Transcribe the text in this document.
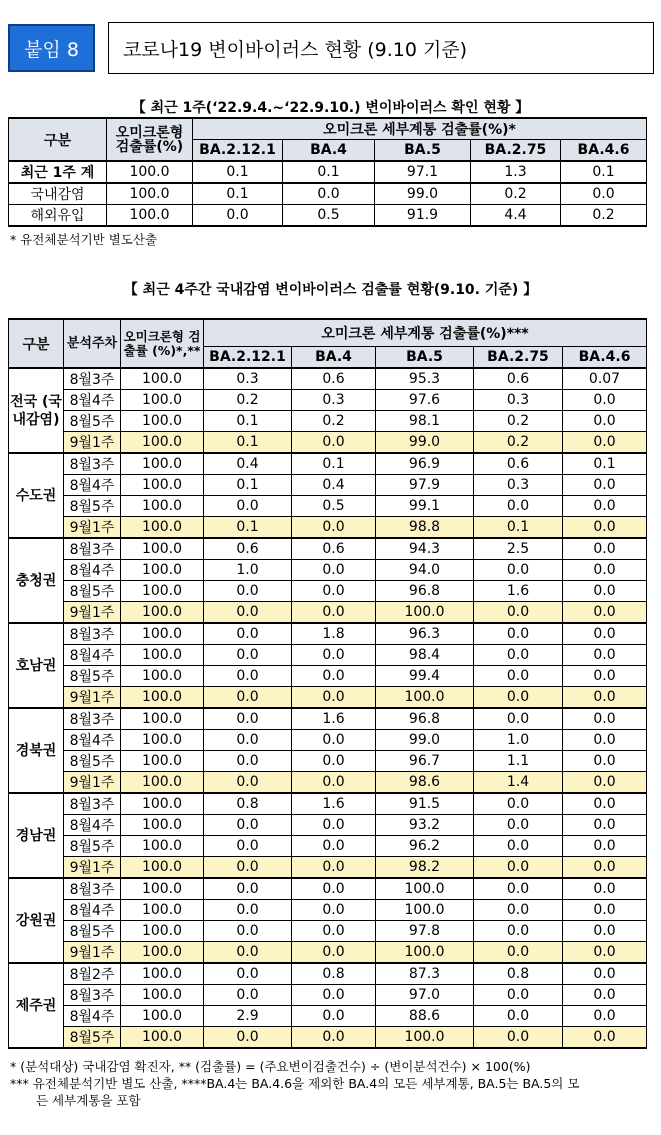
붙임 8	코로나19 변이바이러스 현황 (9.10 기준)
【 최근 1주(‘22.9.4.~‘22.9.10.) 변이바이러스 확인 현황 】
구분	오미크론형 검출률(%)	오미크론 세부계통 검출률(%)*				
		BA.2.12.1	BA.4	BA.5	BA.2.75	BA.4.6
최근 1주 계	100.0	0.1	0.1	97.1	1.3	0.1
국내감염	100.0	0.1	0.0	99.0	0.2	0.0
해외유입	100.0	0.0	0.5	91.9	4.4	0.2
* 유전체분석기반 별도산출
【 최근 4주간 국내감염 변이바이러스 검출률 현황(9.10. 기준) 】
구분	분석주차	오미크론형 검출률 (%)*,**	오미크론 세부계통 검출률(%)***				
			BA.2.12.1	BA.4	BA.5	BA.2.75	BA.4.6
전국 (국내감염)	8월3주	100.0	0.3	0.6	95.3	0.6	0.07
	8월4주	100.0	0.2	0.3	97.6	0.3	0.0
	8월5주	100.0	0.1	0.2	98.1	0.2	0.0
	9월1주	100.0	0.1	0.0	99.0	0.2	0.0
수도권	8월3주	100.0	0.4	0.1	96.9	0.6	0.1
	8월4주	100.0	0.1	0.4	97.9	0.3	0.0
	8월5주	100.0	0.0	0.5	99.1	0.0	0.0
	9월1주	100.0	0.1	0.0	98.8	0.1	0.0
충청권	8월3주	100.0	0.6	0.6	94.3	2.5	0.0
	8월4주	100.0	1.0	0.0	94.0	0.0	0.0
	8월5주	100.0	0.0	0.0	96.8	1.6	0.0
	9월1주	100.0	0.0	0.0	100.0	0.0	0.0
호남권	8월3주	100.0	0.0	1.8	96.3	0.0	0.0
	8월4주	100.0	0.0	0.0	98.4	0.0	0.0
	8월5주	100.0	0.0	0.0	99.4	0.0	0.0
	9월1주	100.0	0.0	0.0	100.0	0.0	0.0
경북권	8월3주	100.0	0.0	1.6	96.8	0.0	0.0
	8월4주	100.0	0.0	0.0	99.0	1.0	0.0
	8월5주	100.0	0.0	0.0	96.7	1.1	0.0
	9월1주	100.0	0.0	0.0	98.6	1.4	0.0
경남권	8월3주	100.0	0.8	1.6	91.5	0.0	0.0
	8월4주	100.0	0.0	0.0	93.2	0.0	0.0
	8월5주	100.0	0.0	0.0	96.2	0.0	0.0
	9월1주	100.0	0.0	0.0	98.2	0.0	0.0
강원권	8월3주	100.0	0.0	0.0	100.0	0.0	0.0
	8월4주	100.0	0.0	0.0	100.0	0.0	0.0
	8월5주	100.0	0.0	0.0	97.8	0.0	0.0
	9월1주	100.0	0.0	0.0	100.0	0.0	0.0
제주권	8월2주	100.0	0.0	0.8	87.3	0.8	0.0
	8월3주	100.0	0.0	0.0	97.0	0.0	0.0
	8월4주	100.0	2.9	0.0	88.6	0.0	0.0
	8월5주	100.0	0.0	0.0	100.0	0.0	0.0
* (분석대상) 국내감염 확진자, ** (검출률) = (주요변이검출건수) ÷ (변이분석건수) × 100(%)
*** 유전체분석기반 별도 산출, ****BA.4는 BA.4.6을 제외한 BA.4의 모든 세부계통, BA.5는 BA.5의 모
든 세부계통을 포함
